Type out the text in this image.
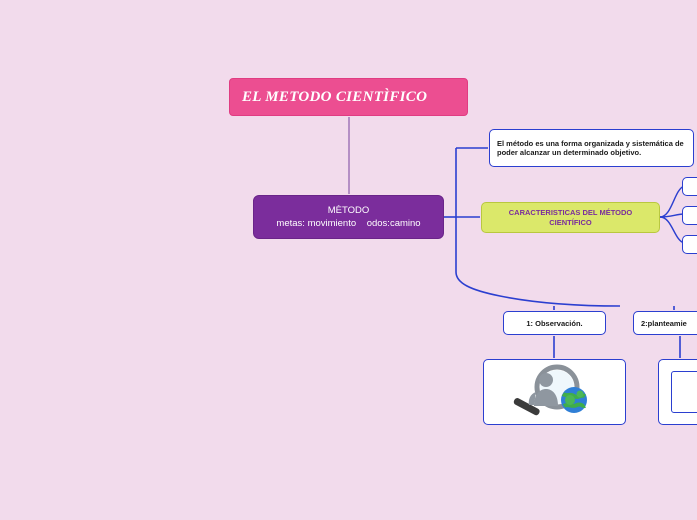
EL METODO CIENTÌFICO
MÈTODO
metas: movimiento    odos:camino
El método es una forma organizada y sistemática de poder alcanzar un determinado objetivo.
CARACTERISTICAS DEL MÉTODO CIENTÍFICO
1: Observación.	2:planteamie
